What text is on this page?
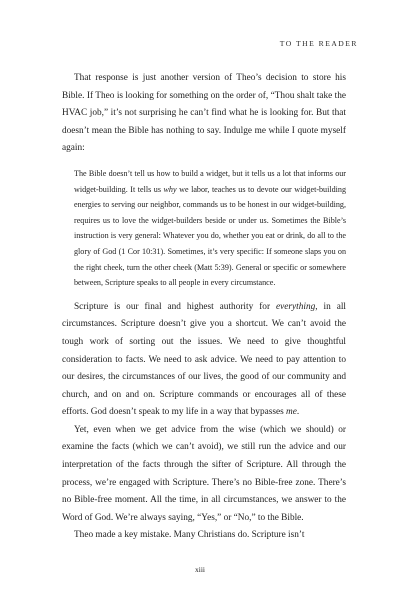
TO THE READER

That response is just another version of Theo’s decision to store his Bible. If Theo is looking for something on the order of, “Thou shalt take the HVAC job,” it’s not surprising he can’t find what he is looking for. But that doesn’t mean the Bible has nothing to say. Indulge me while I quote myself again:

The Bible doesn’t tell us how to build a widget, but it tells us a lot that informs our widget-building. It tells us why we labor, teaches us to devote our widget-building energies to serving our neighbor, commands us to be honest in our widget-building, requires us to love the widget-builders beside or under us. Sometimes the Bible’s instruction is very general: Whatever you do, whether you eat or drink, do all to the glory of God (1 Cor 10:31). Sometimes, it’s very specific: If someone slaps you on the right cheek, turn the other cheek (Matt 5:39). General or specific or somewhere between, Scripture speaks to all people in every circumstance.

Scripture is our final and highest authority for everything, in all circumstances. Scripture doesn’t give you a shortcut. We can’t avoid the tough work of sorting out the issues. We need to give thoughtful consideration to facts. We need to ask advice. We need to pay attention to our desires, the circumstances of our lives, the good of our community and church, and on and on. Scripture commands or encourages all of these efforts. God doesn’t speak to my life in a way that bypasses me.

Yet, even when we get advice from the wise (which we should) or examine the facts (which we can’t avoid), we still run the advice and our interpretation of the facts through the sifter of Scripture. All through the process, we’re engaged with Scripture. There’s no Bible-free zone. There’s no Bible-free moment. All the time, in all circumstances, we answer to the Word of God. We’re always saying, “Yes,” or “No,” to the Bible.

Theo made a key mistake. Many Christians do. Scripture isn’t

xiii
